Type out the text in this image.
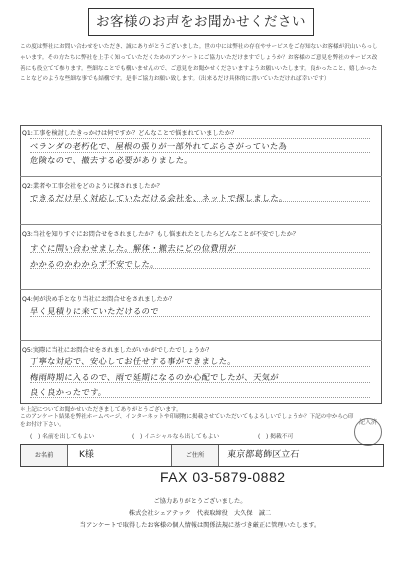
お客様のお声をお聞かせください
この度は弊社にお問い合わせをいただき、誠にありがとうございました。世の中には弊社の存在やサービスをご存知ないお客様が沢山いらっしゃいます。その方たちに弊社を上手く知っていただくためのアンケートにご協力いただけますでしょうか？お客様のご意見を弊社のサービス改善にも役立てて参ります。些細なことでも構いませんので、ご意見をお聞かせくださいますようお願いいたします。良かったこと、嬉しかったことなどのような些細な事でも結構です。是非ご協力お願い致します。（出来るだけ具体的に書いていただければ幸いです）
Q1:工事を検討したきっかけは何ですか？どんなことで悩まれていましたか？
ベランダの老朽化で、屋根の張りが一部外れてぶらさがっていた為
危険なので、撤去する必要がありました。
Q2:業者や工事会社をどのように探されましたか？
できるだけ早く対応していただける会社を、ネットで探しました。
Q3:当社を知りすぐにお問合せをされましたか？もし悩まれたとしたらどんなことが不安でしたか？
すぐに問い合わせました。解体・撤去にどの位費用が
かかるのかわからず不安でした。
Q4:何が決め手となり当社にお問合せをされましたか？
早く見積りに来ていただけるので
Q5:実際に当社にお問合せをされましたがいかがでしたでしょうか？
丁寧な対応で、安心してお任せする事ができました。
梅雨時期に入るので、雨で延期になるのか心配でしたが、天気が
良く良かったです。
＊上記についてお聞かせいただきましてありがとうございます。
このアンケート結果を弊社ホームページ、インターネットや印刷物に掲載させていただいてもよろしいでしょうか？下記の中から○印をお付け下さい。
(　) 名前を出してもよい	(　) イニシャルなら出してもよい	(　) 掲載不可
記入済
お名前	K様	ご住所	東京都葛飾区立石
FAX 03-5879-0882
ご協力ありがとうございました。
株式会社シェアテック　代表取締役　大久保　誠二
当アンケートで取得したお客様の個人情報は関係法規に基づき厳正に管理いたします。
